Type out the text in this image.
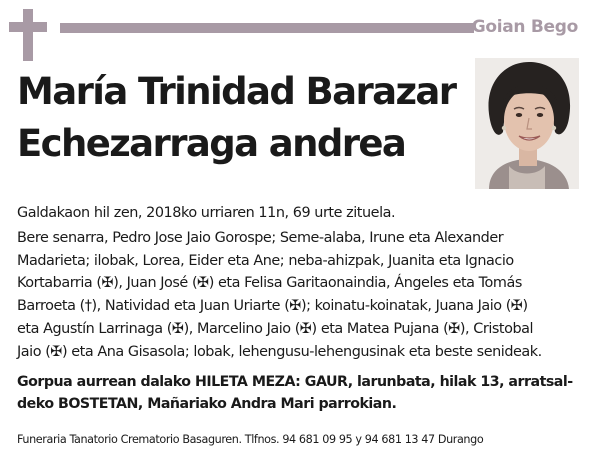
Goian Bego
María Trinidad Barazar
Echezarraga andrea
Galdakaon hil zen, 2018ko urriaren 11n, 69 urte zituela.
Bere senarra, Pedro Jose Jaio Gorospe; Seme-alaba, Irune eta Alexander
Madarieta; ilobak, Lorea, Eider eta Ane; neba-ahizpak, Juanita eta Ignacio
Kortabarria (✠), Juan José (✠) eta Felisa Garitaonaindia, Ángeles eta Tomás
Barroeta (†), Natividad eta Juan Uriarte (✠); koinatu-koinatak, Juana Jaio (✠)
eta Agustín Larrinaga (✠), Marcelino Jaio (✠) eta Matea Pujana (✠), Cristobal
Jaio (✠) eta Ana Gisasola; lobak, lehengusu-lehengusinak eta beste senideak.
Gorpua aurrean dalako HILETA MEZA: GAUR, larunbata, hilak 13, arratsal-
deko BOSTETAN, Mañariako Andra Mari parrokian.
Funeraria Tanatorio Crematorio Basaguren. Tlfnos. 94 681 09 95 y 94 681 13 47 Durango
